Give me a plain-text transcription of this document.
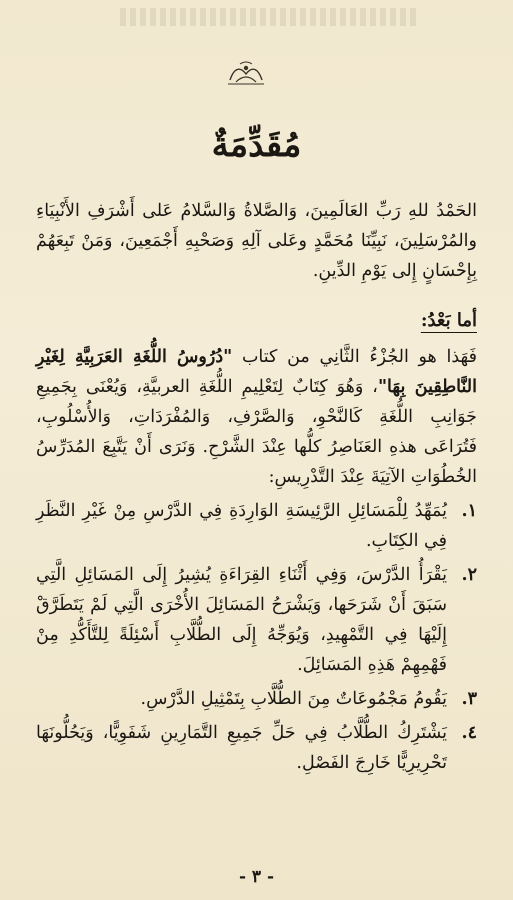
مُقَدِّمَةٌ

الحَمْدُ للهِ رَبِّ العَالَمِينَ، وَالصَّلاةُ وَالسَّلامُ عَلى أَشْرَفِ الأَنْبِيَاءِ والمُرْسَلِينَ، نَبِيِّنَا مُحَمَّدٍ وعَلى آلِهِ وَصَحْبِهِ أَجْمَعِينَ، وَمَنْ تَبِعَهُمْ بِإِحْسَانٍ إِلى يَوْمِ الدِّينِ.

أما بَعْدُ:

فَهَذا هو الجُزْءُ الثَّانِي من كتاب "دُرُوسُ اللُّغَةِ العَرَبِيَّةِ لِغَيْرِ النَّاطِقِينَ بِهَا"، وَهُوَ كِتَابٌ لِتَعْلِيمِ اللُّغَةِ العربيَّةِ، وَيُعْنَى بِجَمِيعِ جَوَانِبِ اللُّغَةِ كَالنَّحْوِ، وَالصَّرْفِ، وَالمُفْرَدَاتِ، وَالأُسْلُوبِ، فَتُرَاعَى هذهِ العَنَاصِرُ كلُّها عِنْدَ الشَّرْحِ. وَنَرَى أَنْ يَتَّبِعَ المُدَرِّسُ الخُطُوَاتِ الآتِيَةَ عِنْدَ التَّدْرِيسِ:

١.
يُمَهِّدُ لِلْمَسَائِلِ الرَّئِيسَةِ الوَارِدَةِ فِي الدَّرْسِ مِنْ غَيْرِ النَّظَرِ فِي الكِتَابِ.
٢.
يَقْرَأُ الدَّرْسَ، وَفِي أَثْنَاءِ القِرَاءَةِ يُشِيرُ إِلَى المَسَائِلِ الَّتِي سَبَقَ أَنْ شَرَحَها، وَيَشْرَحُ المَسَائِلَ الأُخْرَى الَّتِي لَمْ يَتَطَرَّقْ إِلَيْهَا فِي التَّمْهِيدِ، وَيُوَجِّهُ إِلَى الطُّلَّابِ أَسْئِلَةً لِلتَّأَكُّدِ مِنْ فَهْمِهِمْ هَذِهِ المَسَائِلَ.
٣.
يَقُومُ مَجْمُوعَاتٌ مِنَ الطُّلَّابِ بِتَمْثِيلِ الدَّرْسِ.
٤.
يَشْتَرِكُ الطُّلَّابُ فِي حَلِّ جَمِيعِ التَّمَارِينِ شَفَوِيًّا، وَيَحُلُّونَهَا تَحْرِيرِيًّا خَارِجَ الفَصْلِ.
- ٣ -
